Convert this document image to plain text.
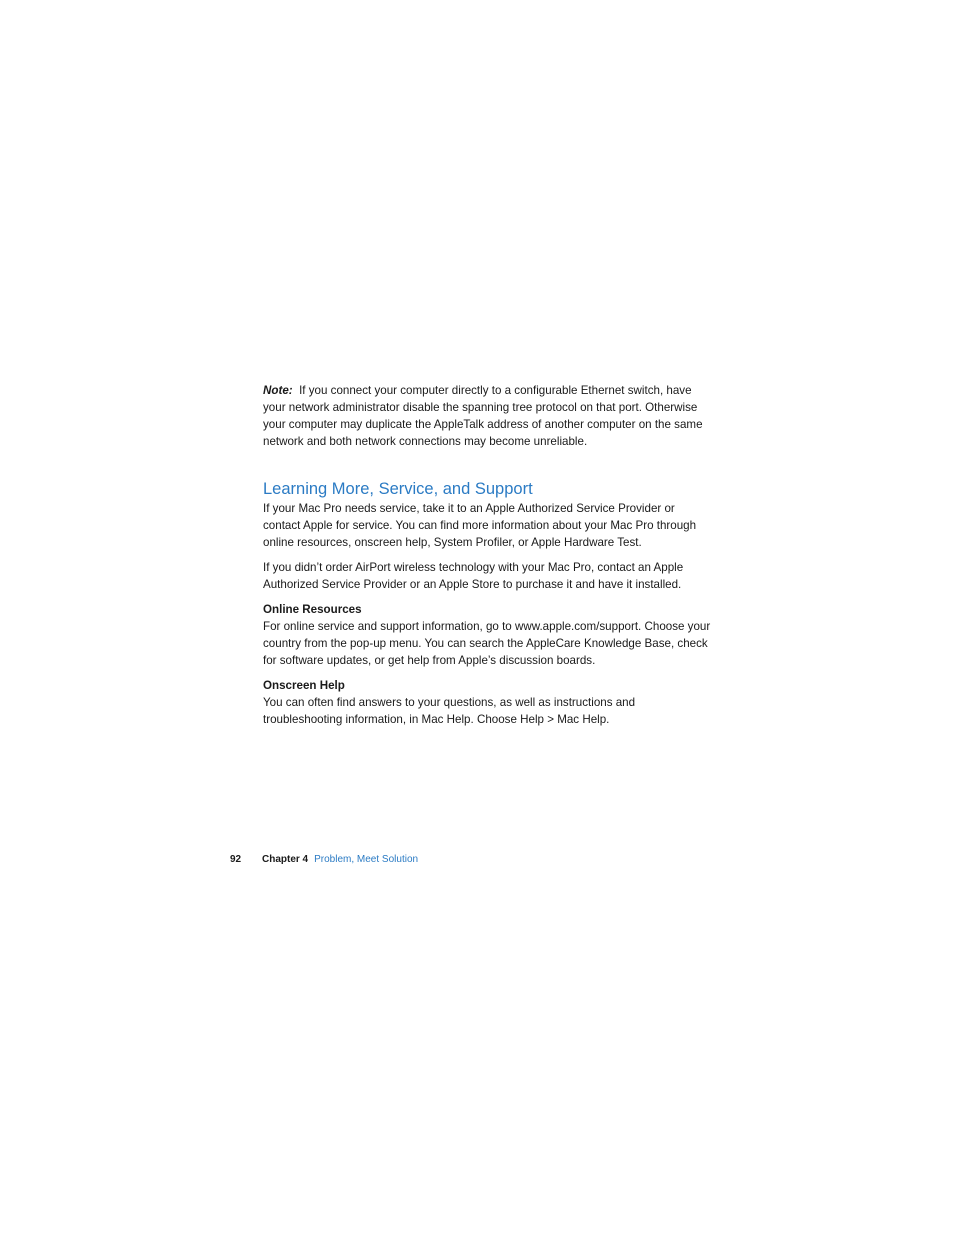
Note: If you connect your computer directly to a configurable Ethernet switch, have your network administrator disable the spanning tree protocol on that port. Otherwise your computer may duplicate the AppleTalk address of another computer on the same network and both network connections may become unreliable.

Learning More, Service, and Support

If your Mac Pro needs service, take it to an Apple Authorized Service Provider or contact Apple for service. You can find more information about your Mac Pro through online resources, onscreen help, System Profiler, or Apple Hardware Test.

If you didn’t order AirPort wireless technology with your Mac Pro, contact an Apple Authorized Service Provider or an Apple Store to purchase it and have it installed.

Online Resources

For online service and support information, go to www.apple.com/support. Choose your country from the pop-up menu. You can search the AppleCare Knowledge Base, check for software updates, or get help from Apple’s discussion boards.

Onscreen Help

You can often find answers to your questions, as well as instructions and troubleshooting information, in Mac Help. Choose Help > Mac Help.

92 Chapter 4 Problem, Meet Solution
